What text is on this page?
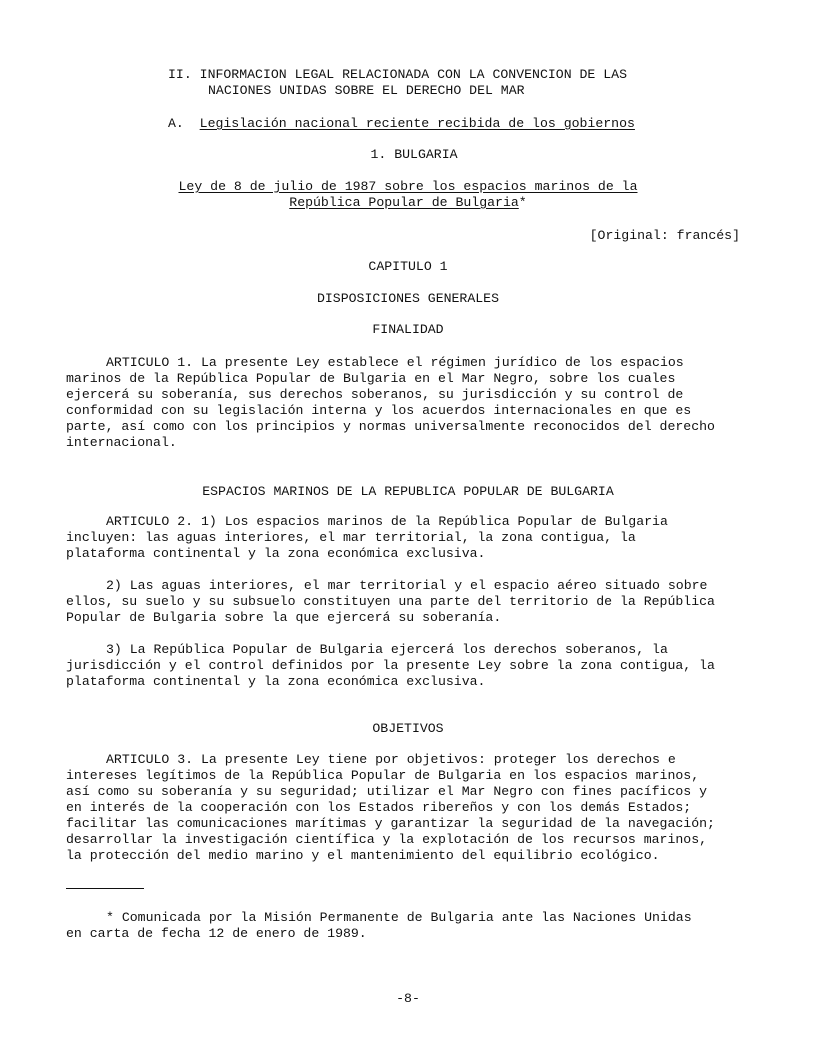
II. INFORMACION LEGAL RELACIONADA CON LA CONVENCION DE LAS
NACIONES UNIDAS SOBRE EL DERECHO DEL MAR
A. Legislación nacional reciente recibida de los gobiernos
1. BULGARIA
Ley de 8 de julio de 1987 sobre los espacios marinos de la
República Popular de Bulgaria*
[Original: francés]
CAPITULO 1
DISPOSICIONES GENERALES
FINALIDAD
ARTICULO 1. La presente Ley establece el régimen jurídico de los espacios
marinos de la República Popular de Bulgaria en el Mar Negro, sobre los cuales
ejercerá su soberanía, sus derechos soberanos, su jurisdicción y su control de
conformidad con su legislación interna y los acuerdos internacionales en que es
parte, así como con los principios y normas universalmente reconocidos del derecho
internacional.
ESPACIOS MARINOS DE LA REPUBLICA POPULAR DE BULGARIA
ARTICULO 2. 1) Los espacios marinos de la República Popular de Bulgaria
incluyen: las aguas interiores, el mar territorial, la zona contigua, la
plataforma continental y la zona económica exclusiva.
2) Las aguas interiores, el mar territorial y el espacio aéreo situado sobre
ellos, su suelo y su subsuelo constituyen una parte del territorio de la República
Popular de Bulgaria sobre la que ejercerá su soberanía.
3) La República Popular de Bulgaria ejercerá los derechos soberanos, la
jurisdicción y el control definidos por la presente Ley sobre la zona contigua, la
plataforma continental y la zona económica exclusiva.
OBJETIVOS
ARTICULO 3. La presente Ley tiene por objetivos: proteger los derechos e
intereses legítimos de la República Popular de Bulgaria en los espacios marinos,
así como su soberanía y su seguridad; utilizar el Mar Negro con fines pacíficos y
en interés de la cooperación con los Estados ribereños y con los demás Estados;
facilitar las comunicaciones marítimas y garantizar la seguridad de la navegación;
desarrollar la investigación científica y la explotación de los recursos marinos,
la protección del medio marino y el mantenimiento del equilibrio ecológico.
* Comunicada por la Misión Permanente de Bulgaria ante las Naciones Unidas
en carta de fecha 12 de enero de 1989.
-8-
